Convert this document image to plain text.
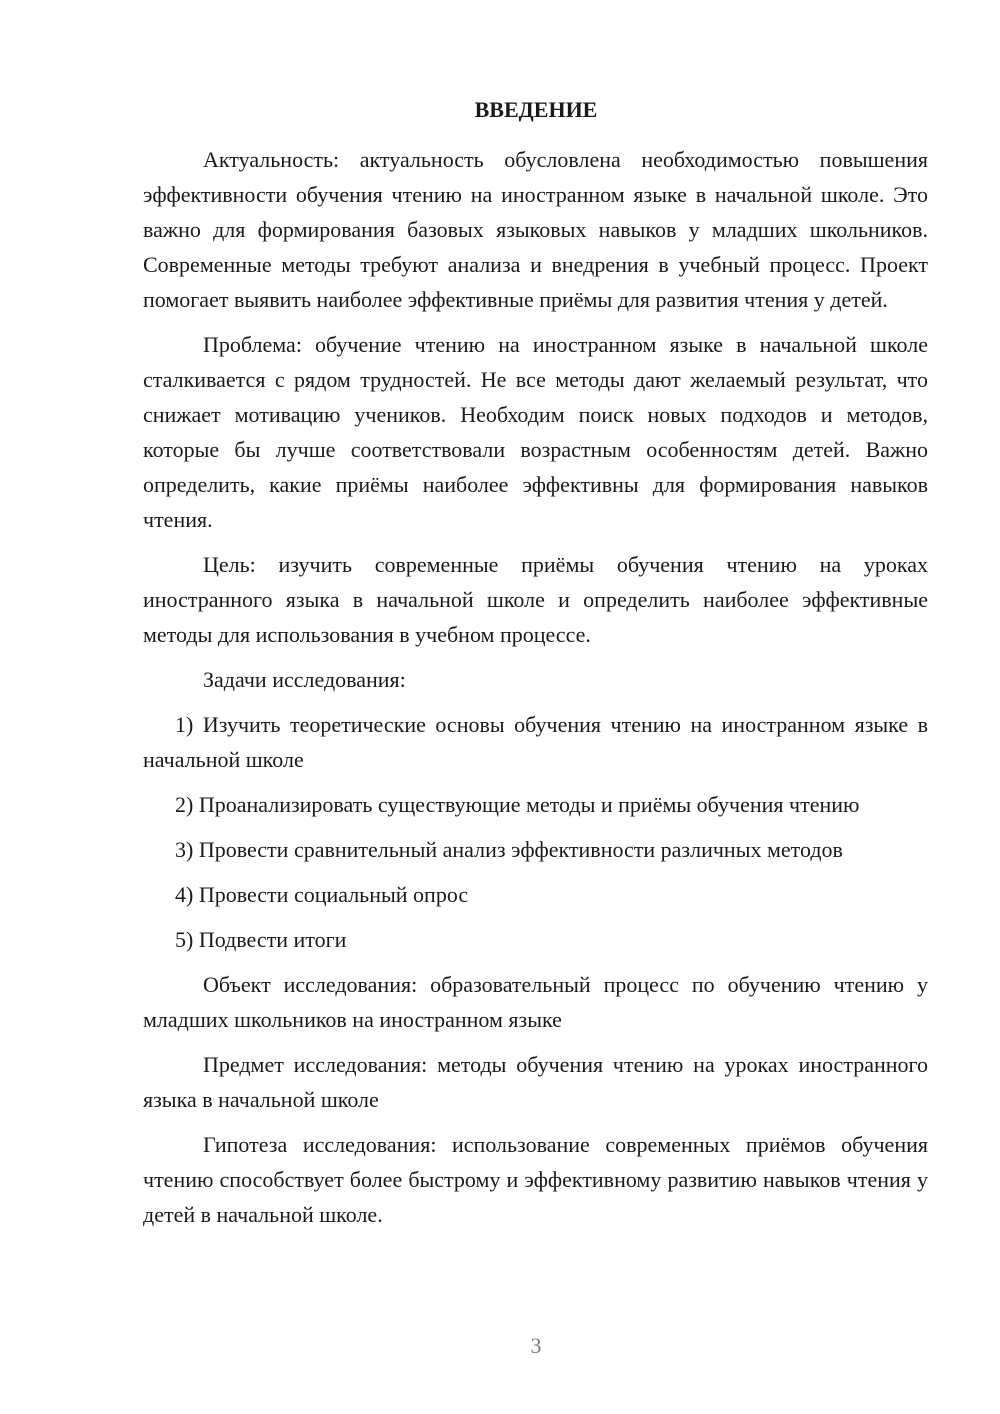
ВВЕДЕНИЕ

Актуальность: актуальность обусловлена необходимостью повышения эффективности обучения чтению на иностранном языке в начальной школе. Это важно для формирования базовых языковых навыков у младших школьников. Современные методы требуют анализа и внедрения в учебный процесс. Проект помогает выявить наиболее эффективные приёмы для развития чтения у детей.

Проблема: обучение чтению на иностранном языке в начальной школе сталкивается с рядом трудностей. Не все методы дают желаемый результат, что снижает мотивацию учеников. Необходим поиск новых подходов и методов, которые бы лучше соответствовали возрастным особенностям детей. Важно определить, какие приёмы наиболее эффективны для формирования навыков чтения.

Цель: изучить современные приёмы обучения чтению на уроках иностранного языка в начальной школе и определить наиболее эффективные методы для использования в учебном процессе.

Задачи исследования:

1) Изучить теоретические основы обучения чтению на иностранном языке в начальной школе

2) Проанализировать существующие методы и приёмы обучения чтению

3) Провести сравнительный анализ эффективности различных методов

4) Провести социальный опрос

5) Подвести итоги

Объект исследования: образовательный процесс по обучению чтению у младших школьников на иностранном языке

Предмет исследования: методы обучения чтению на уроках иностранного языка в начальной школе

Гипотеза исследования: использование современных приёмов обучения чтению способствует более быстрому и эффективному развитию навыков чтения у детей в начальной школе.

3
